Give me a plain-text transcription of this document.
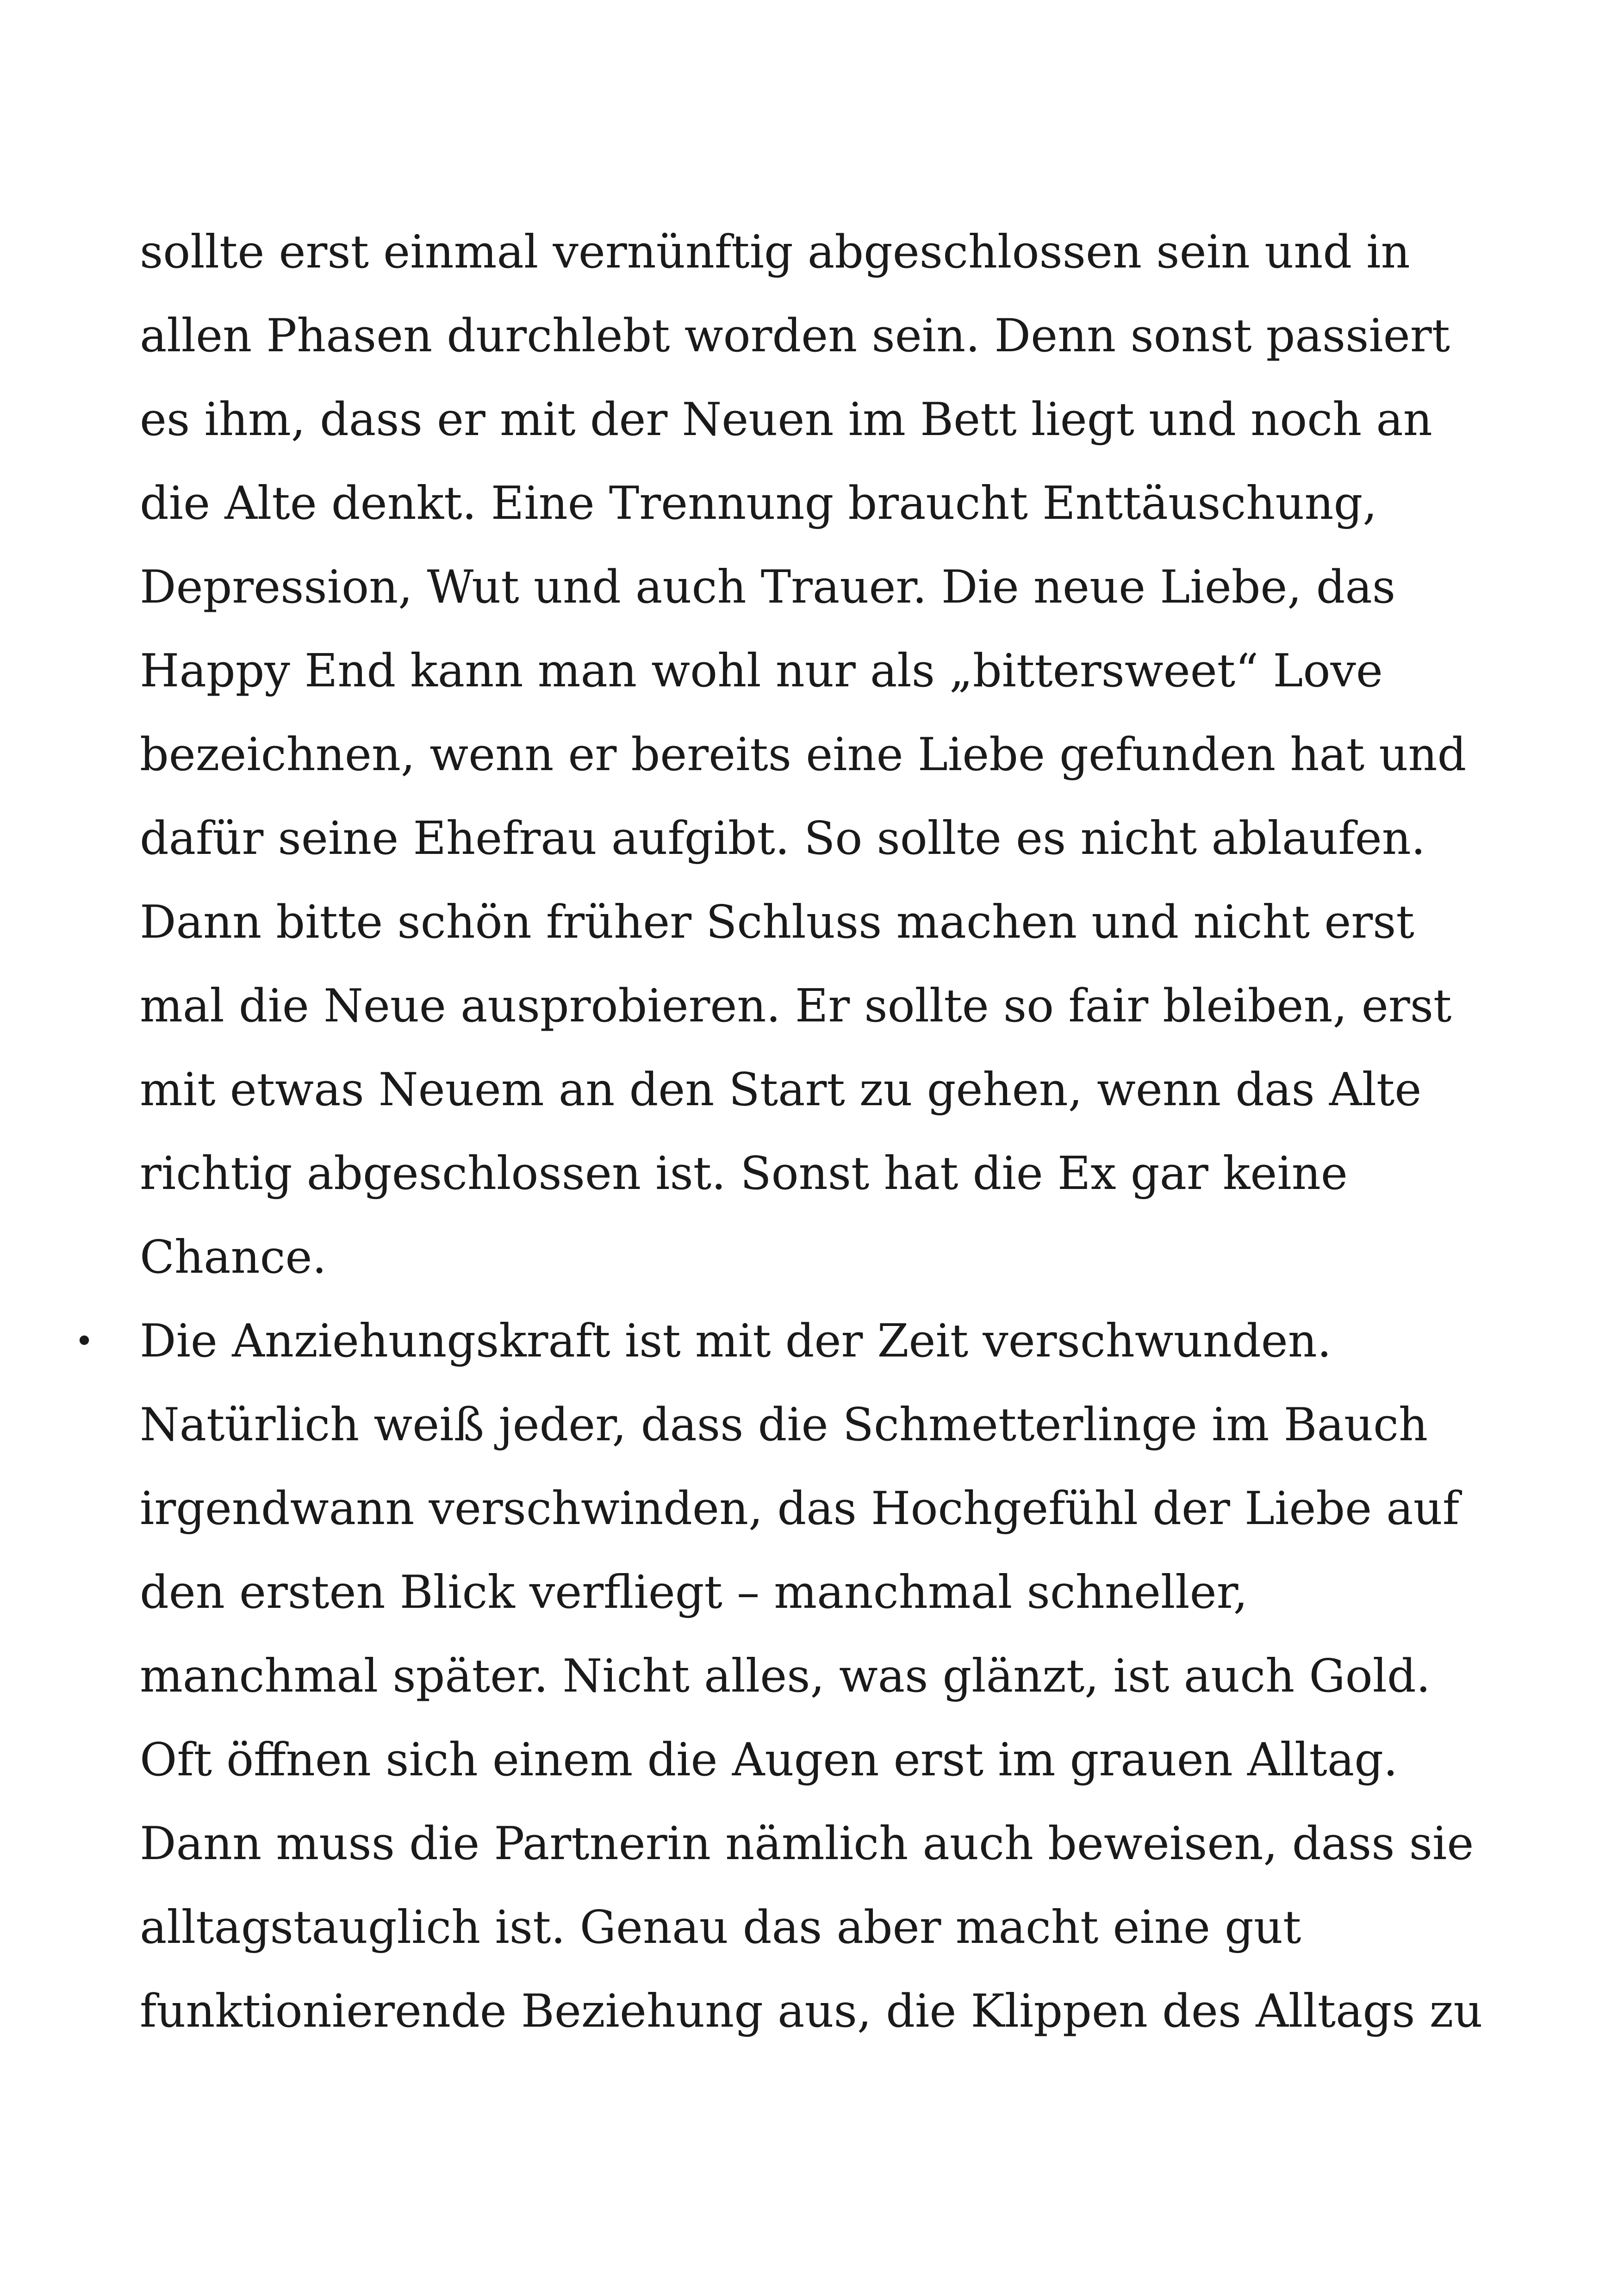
sollte erst einmal vernünftig abgeschlossen sein und in
allen Phasen durchlebt worden sein. Denn sonst passiert
es ihm, dass er mit der Neuen im Bett liegt und noch an
die Alte denkt. Eine Trennung braucht Enttäuschung,
Depression, Wut und auch Trauer. Die neue Liebe, das
Happy End kann man wohl nur als „bittersweet“ Love
bezeichnen, wenn er bereits eine Liebe gefunden hat und
dafür seine Ehefrau aufgibt. So sollte es nicht ablaufen.
Dann bitte schön früher Schluss machen und nicht erst
mal die Neue ausprobieren. Er sollte so fair bleiben, erst
mit etwas Neuem an den Start zu gehen, wenn das Alte
richtig abgeschlossen ist. Sonst hat die Ex gar keine
Chance.
• Die Anziehungskraft ist mit der Zeit verschwunden.
Natürlich weiß jeder, dass die Schmetterlinge im Bauch
irgendwann verschwinden, das Hochgefühl der Liebe auf
den ersten Blick verfliegt – manchmal schneller,
manchmal später. Nicht alles, was glänzt, ist auch Gold.
Oft öffnen sich einem die Augen erst im grauen Alltag.
Dann muss die Partnerin nämlich auch beweisen, dass sie
alltagstauglich ist. Genau das aber macht eine gut
funktionierende Beziehung aus, die Klippen des Alltags zu
